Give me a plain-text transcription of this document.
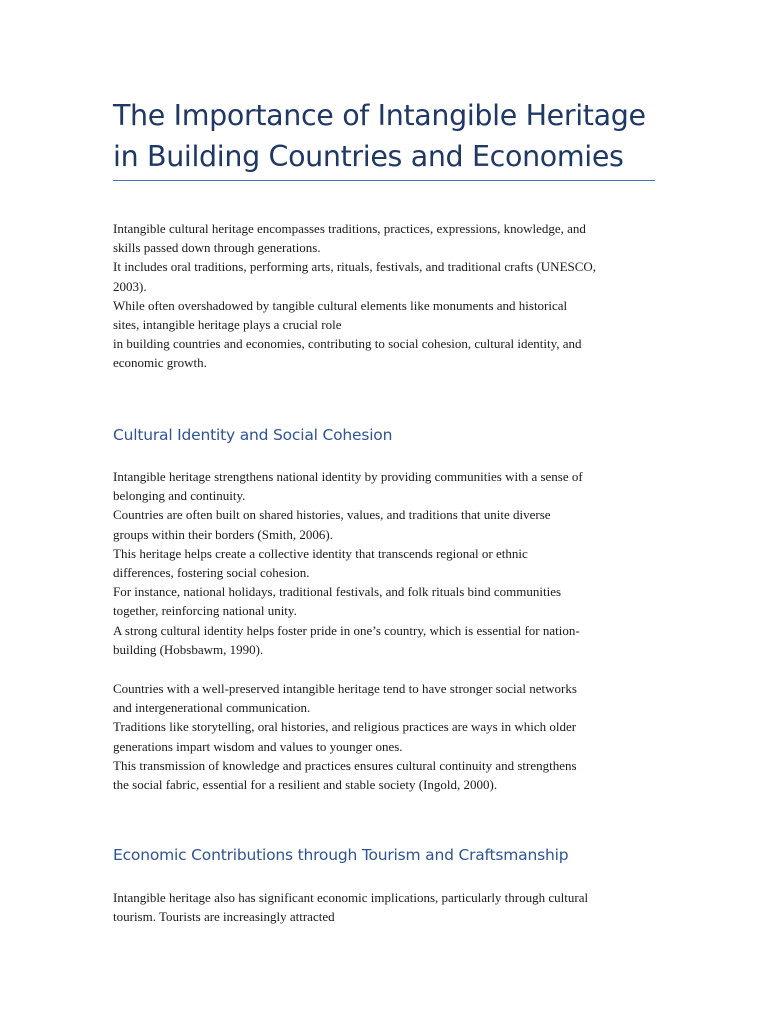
The Importance of Intangible Heritage
in Building Countries and Economies

Intangible cultural heritage encompasses traditions, practices, expressions, knowledge, and
skills passed down through generations.
It includes oral traditions, performing arts, rituals, festivals, and traditional crafts (UNESCO,
2003).
While often overshadowed by tangible cultural elements like monuments and historical
sites, intangible heritage plays a crucial role
in building countries and economies, contributing to social cohesion, cultural identity, and
economic growth.

Cultural Identity and Social Cohesion

Intangible heritage strengthens national identity by providing communities with a sense of
belonging and continuity.
Countries are often built on shared histories, values, and traditions that unite diverse
groups within their borders (Smith, 2006).
This heritage helps create a collective identity that transcends regional or ethnic
differences, fostering social cohesion.
For instance, national holidays, traditional festivals, and folk rituals bind communities
together, reinforcing national unity.
A strong cultural identity helps foster pride in one’s country, which is essential for nation-
building (Hobsbawm, 1990).

Countries with a well-preserved intangible heritage tend to have stronger social networks
and intergenerational communication.
Traditions like storytelling, oral histories, and religious practices are ways in which older
generations impart wisdom and values to younger ones.
This transmission of knowledge and practices ensures cultural continuity and strengthens
the social fabric, essential for a resilient and stable society (Ingold, 2000).

Economic Contributions through Tourism and Craftsmanship

Intangible heritage also has significant economic implications, particularly through cultural
tourism. Tourists are increasingly attracted
